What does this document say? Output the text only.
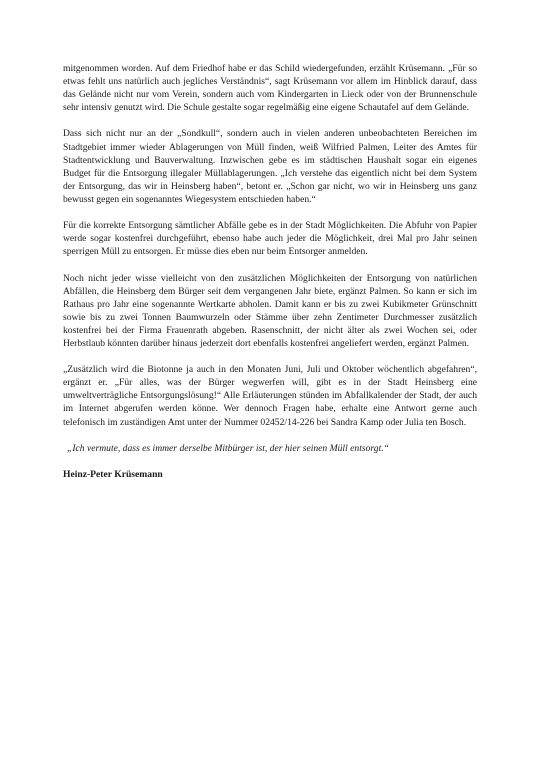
mitgenommen worden. Auf dem Friedhof habe er das Schild wiedergefunden, erzählt Krüsemann. „Für so etwas fehlt uns natürlich auch jegliches Verständnis“, sagt Krüsemann vor allem im Hinblick darauf, dass das Gelände nicht nur vom Verein, sondern auch vom Kindergarten in Lieck oder von der Brunnenschule sehr intensiv genutzt wird. Die Schule gestalte sogar regelmäßig eine eigene Schautafel auf dem Gelände.

Dass sich nicht nur an der „Sondkull“, sondern auch in vielen anderen unbeobachteten Bereichen im Stadtgebiet immer wieder Ablagerungen von Müll finden, weiß Wilfried Palmen, Leiter des Amtes für Stadtentwicklung und Bauverwaltung. Inzwischen gebe es im städtischen Haushalt sogar ein eigenes Budget für die Entsorgung illegaler Müllablagerungen. „Ich verstehe das eigentlich nicht bei dem System der Entsorgung, das wir in Heinsberg haben“, betont er. „Schon gar nicht, wo wir in Heinsberg uns ganz bewusst gegen ein sogenanntes Wiegesystem entschieden haben.“

Für die korrekte Entsorgung sämtlicher Abfälle gebe es in der Stadt Möglichkeiten. Die Abfuhr von Papier werde sogar kostenfrei durchgeführt, ebenso habe auch jeder die Möglichkeit, drei Mal pro Jahr seinen sperrigen Müll zu entsorgen. Er müsse dies eben nur beim Entsorger anmelden.

Noch nicht jeder wisse vielleicht von den zusätzlichen Möglichkeiten der Entsorgung von natürlichen Abfällen, die Heinsberg dem Bürger seit dem vergangenen Jahr biete, ergänzt Palmen. So kann er sich im Rathaus pro Jahr eine sogenannte Wertkarte abholen. Damit kann er bis zu zwei Kubikmeter Grünschnitt sowie bis zu zwei Tonnen Baumwurzeln oder Stämme über zehn Zentimeter Durchmesser zusätzlich kostenfrei bei der Firma Frauenrath abgeben. Rasenschnitt, der nicht älter als zwei Wochen sei, oder Herbstlaub könnten darüber hinaus jederzeit dort ebenfalls kostenfrei angeliefert werden, ergänzt Palmen.

„Zusätzlich wird die Biotonne ja auch in den Monaten Juni, Juli und Oktober wöchentlich abgefahren“, ergänzt er. „Für alles, was der Bürger wegwerfen will, gibt es in der Stadt Heinsberg eine umweltverträgliche Entsorgungslösung!“ Alle Erläuterungen stünden im Abfallkalender der Stadt, der auch im Internet abgerufen werden könne. Wer dennoch Fragen habe, erhalte eine Antwort gerne auch telefonisch im zuständigen Amt unter der Nummer 02452/14-226 bei Sandra Kamp oder Julia ten Bosch.

„Ich vermute, dass es immer derselbe Mitbürger ist, der hier seinen Müll entsorgt.“

Heinz-Peter Krüsemann
